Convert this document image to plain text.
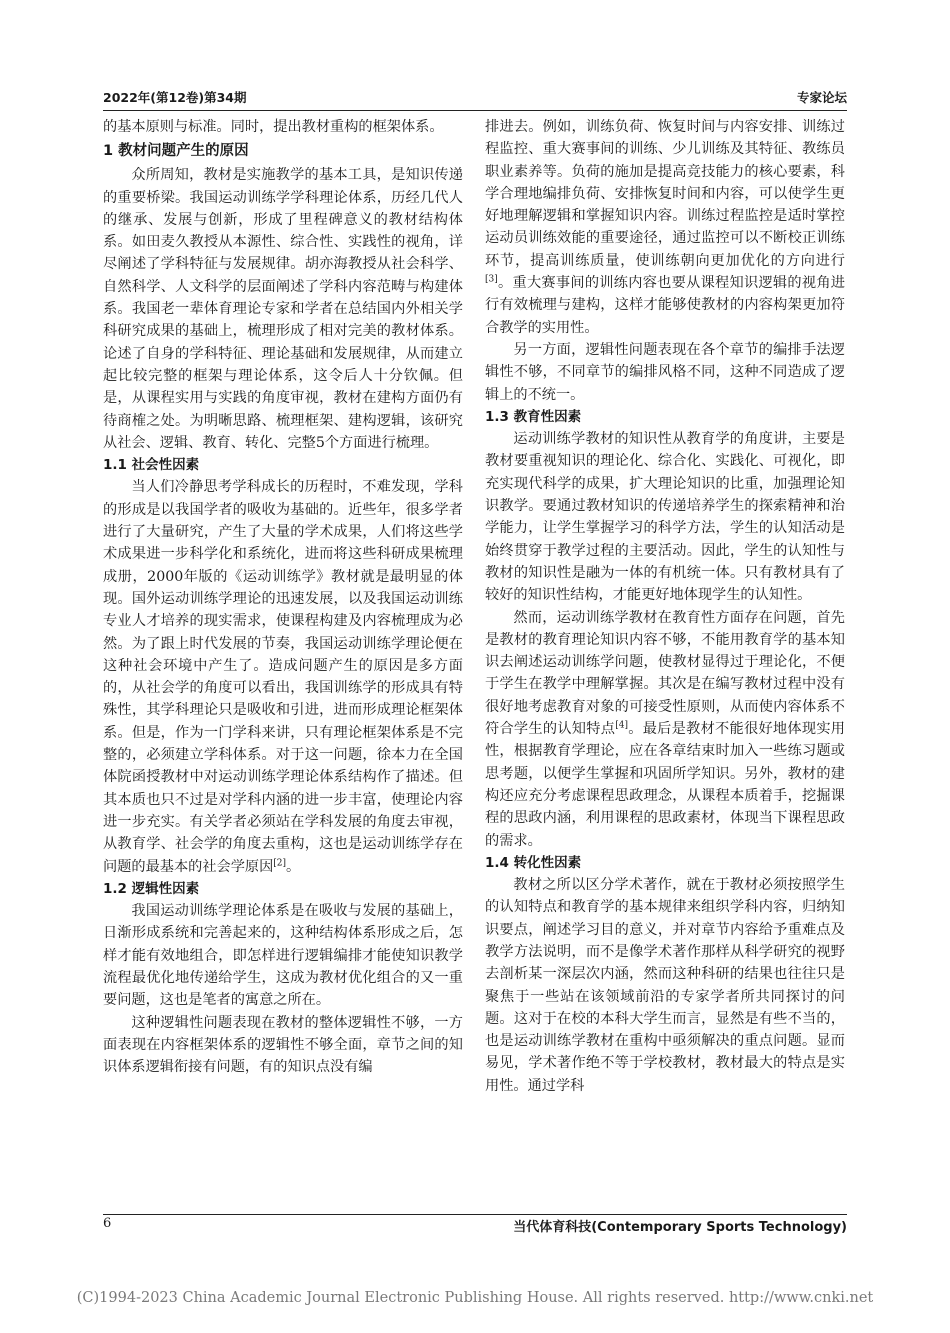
2022年(第12卷)第34期	专家论坛

的基本原则与标准。同时，提出教材重构的框架体系。

1 教材问题产生的原因

众所周知，教材是实施教学的基本工具，是知识传递的重要桥梁。我国运动训练学学科理论体系，历经几代人的继承、发展与创新，形成了里程碑意义的教材结构体系。如田麦久教授从本源性、综合性、实践性的视角，详尽阐述了学科特征与发展规律。胡亦海教授从社会科学、自然科学、人文科学的层面阐述了学科内容范畴与构建体系。我国老一辈体育理论专家和学者在总结国内外相关学科研究成果的基础上，梳理形成了相对完美的教材体系。论述了自身的学科特征、理论基础和发展规律，从而建立起比较完整的框架与理论体系，这令后人十分钦佩。但是，从课程实用与实践的角度审视，教材在建构方面仍有待商榷之处。为明晰思路、梳理框架、建构逻辑，该研究从社会、逻辑、教育、转化、完整5个方面进行梳理。

1.1 社会性因素

当人们冷静思考学科成长的历程时，不难发现，学科的形成是以我国学者的吸收为基础的。近些年，很多学者进行了大量研究，产生了大量的学术成果，人们将这些学术成果进一步科学化和系统化，进而将这些科研成果梳理成册，2000年版的《运动训练学》教材就是最明显的体现。国外运动训练学理论的迅速发展，以及我国运动训练专业人才培养的现实需求，使课程构建及内容梳理成为必然。为了跟上时代发展的节奏，我国运动训练学理论便在这种社会环境中产生了。造成问题产生的原因是多方面的，从社会学的角度可以看出，我国训练学的形成具有特殊性，其学科理论只是吸收和引进，进而形成理论框架体系。但是，作为一门学科来讲，只有理论框架体系是不完整的，必须建立学科体系。对于这一问题，徐本力在全国体院函授教材中对运动训练学理论体系结构作了描述。但其本质也只不过是对学科内涵的进一步丰富，使理论内容进一步充实。有关学者必须站在学科发展的角度去审视，从教育学、社会学的角度去重构，这也是运动训练学存在问题的最基本的社会学原因[2]。

1.2 逻辑性因素

我国运动训练学理论体系是在吸收与发展的基础上，日渐形成系统和完善起来的，这种结构体系形成之后，怎样才能有效地组合，即怎样进行逻辑编排才能使知识教学流程最优化地传递给学生，这成为教材优化组合的又一重要问题，这也是笔者的寓意之所在。

这种逻辑性问题表现在教材的整体逻辑性不够，一方面表现在内容框架体系的逻辑性不够全面，章节之间的知识体系逻辑衔接有问题，有的知识点没有编

排进去。例如，训练负荷、恢复时间与内容安排、训练过程监控、重大赛事间的训练、少儿训练及其特征、教练员职业素养等。负荷的施加是提高竞技能力的核心要素，科学合理地编排负荷、安排恢复时间和内容，可以使学生更好地理解逻辑和掌握知识内容。训练过程监控是适时掌控运动员训练效能的重要途径，通过监控可以不断校正训练环节，提高训练质量，使训练朝向更加优化的方向进行[3]。重大赛事间的训练内容也要从课程知识逻辑的视角进行有效梳理与建构，这样才能够使教材的内容构架更加符合教学的实用性。

另一方面，逻辑性问题表现在各个章节的编排手法逻辑性不够，不同章节的编排风格不同，这种不同造成了逻辑上的不统一。

1.3 教育性因素

运动训练学教材的知识性从教育学的角度讲，主要是教材要重视知识的理论化、综合化、实践化、可视化，即充实现代科学的成果，扩大理论知识的比重，加强理论知识教学。要通过教材知识的传递培养学生的探索精神和治学能力，让学生掌握学习的科学方法，学生的认知活动是始终贯穿于教学过程的主要活动。因此，学生的认知性与教材的知识性是融为一体的有机统一体。只有教材具有了较好的知识性结构，才能更好地体现学生的认知性。

然而，运动训练学教材在教育性方面存在问题，首先是教材的教育理论知识内容不够，不能用教育学的基本知识去阐述运动训练学问题，使教材显得过于理论化，不便于学生在教学中理解掌握。其次是在编写教材过程中没有很好地考虑教育对象的可接受性原则，从而使内容体系不符合学生的认知特点[4]。最后是教材不能很好地体现实用性，根据教育学理论，应在各章结束时加入一些练习题或思考题，以便学生掌握和巩固所学知识。另外，教材的建构还应充分考虑课程思政理念，从课程本质着手，挖掘课程的思政内涵，利用课程的思政素材，体现当下课程思政的需求。

1.4 转化性因素

教材之所以区分学术著作，就在于教材必须按照学生的认知特点和教育学的基本规律来组织学科内容，归纳知识要点，阐述学习目的意义，并对章节内容给予重难点及教学方法说明，而不是像学术著作那样从科学研究的视野去剖析某一深层次内涵，然而这种科研的结果也往往只是聚焦于一些站在该领域前沿的专家学者所共同探讨的问题。这对于在校的本科大学生而言，显然是有些不当的，也是运动训练学教材在重构中亟须解决的重点问题。显而易见，学术著作绝不等于学校教材，教材最大的特点是实用性。通过学科

6	当代体育科技(Contemporary Sports Technology)
(C)1994-2023 China Academic Journal Electronic Publishing House. All rights reserved. http://www.cnki.net
